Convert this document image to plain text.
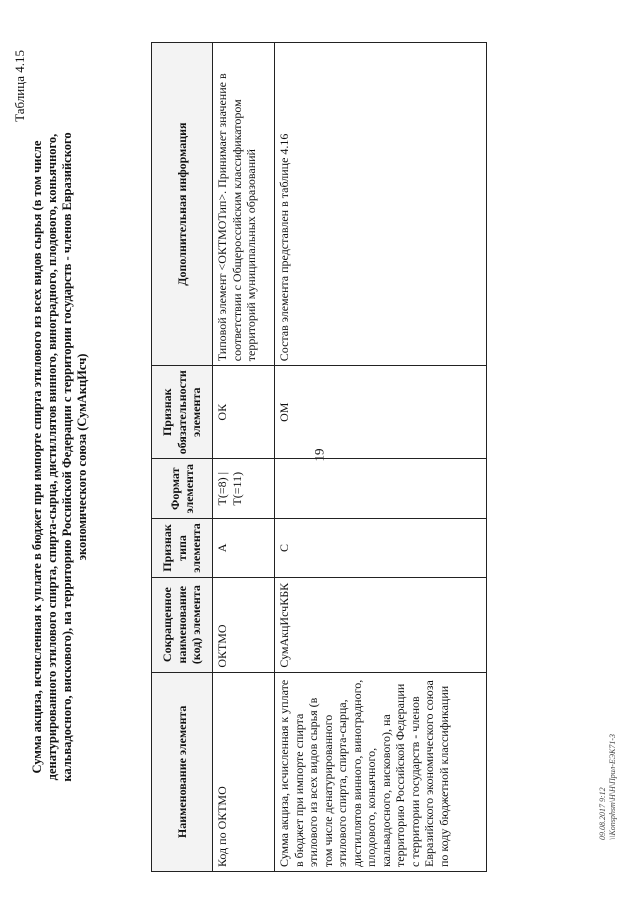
19
Таблица 4.15
Сумма акциза, исчисленная к уплате в бюджет при импорте спирта этилового из всех видов сырья (в том числе денатурированного этилового спирта, спирта-сырца, дистиллятов винного, виноградного, плодового, коньячного, кальвадосного, вискового), на территорию Российской Федерации с территории государств - членов Евразийского экономического союза (СумАкцИсч)
Наименование элемента	Сокращенное наименование (код) элемента	Признак типа элемента	Формат элемента	Признак обязательности элемента	Дополнительная информация
Код по ОКТМО	ОКТМО	А	Т(=8) | Т(=11)	ОК	Типовой элемент <ОКТМОТип>. Принимает значение в соответствии с Общероссийским классификатором территорий муниципальных образований
Сумма акциза, исчисленная к уплате в бюджет при импорте спирта этилового из всех видов сырья (в том числе денатурированного этилового спирта, спирта-сырца, дистиллятов винного, виноградного, плодового, коньячного, кальвадосного, вискового), на территорию Российской Федерации с территории государств - членов Евразийского экономического союза по коду бюджетной классификации	СумАкцИсчКБК	С		ОМ	Состав элемента представлен в таблице 4.16
09.08.2017 9:12 \\Konsphsm\H\Н\Прил-ЕЭК71-3
